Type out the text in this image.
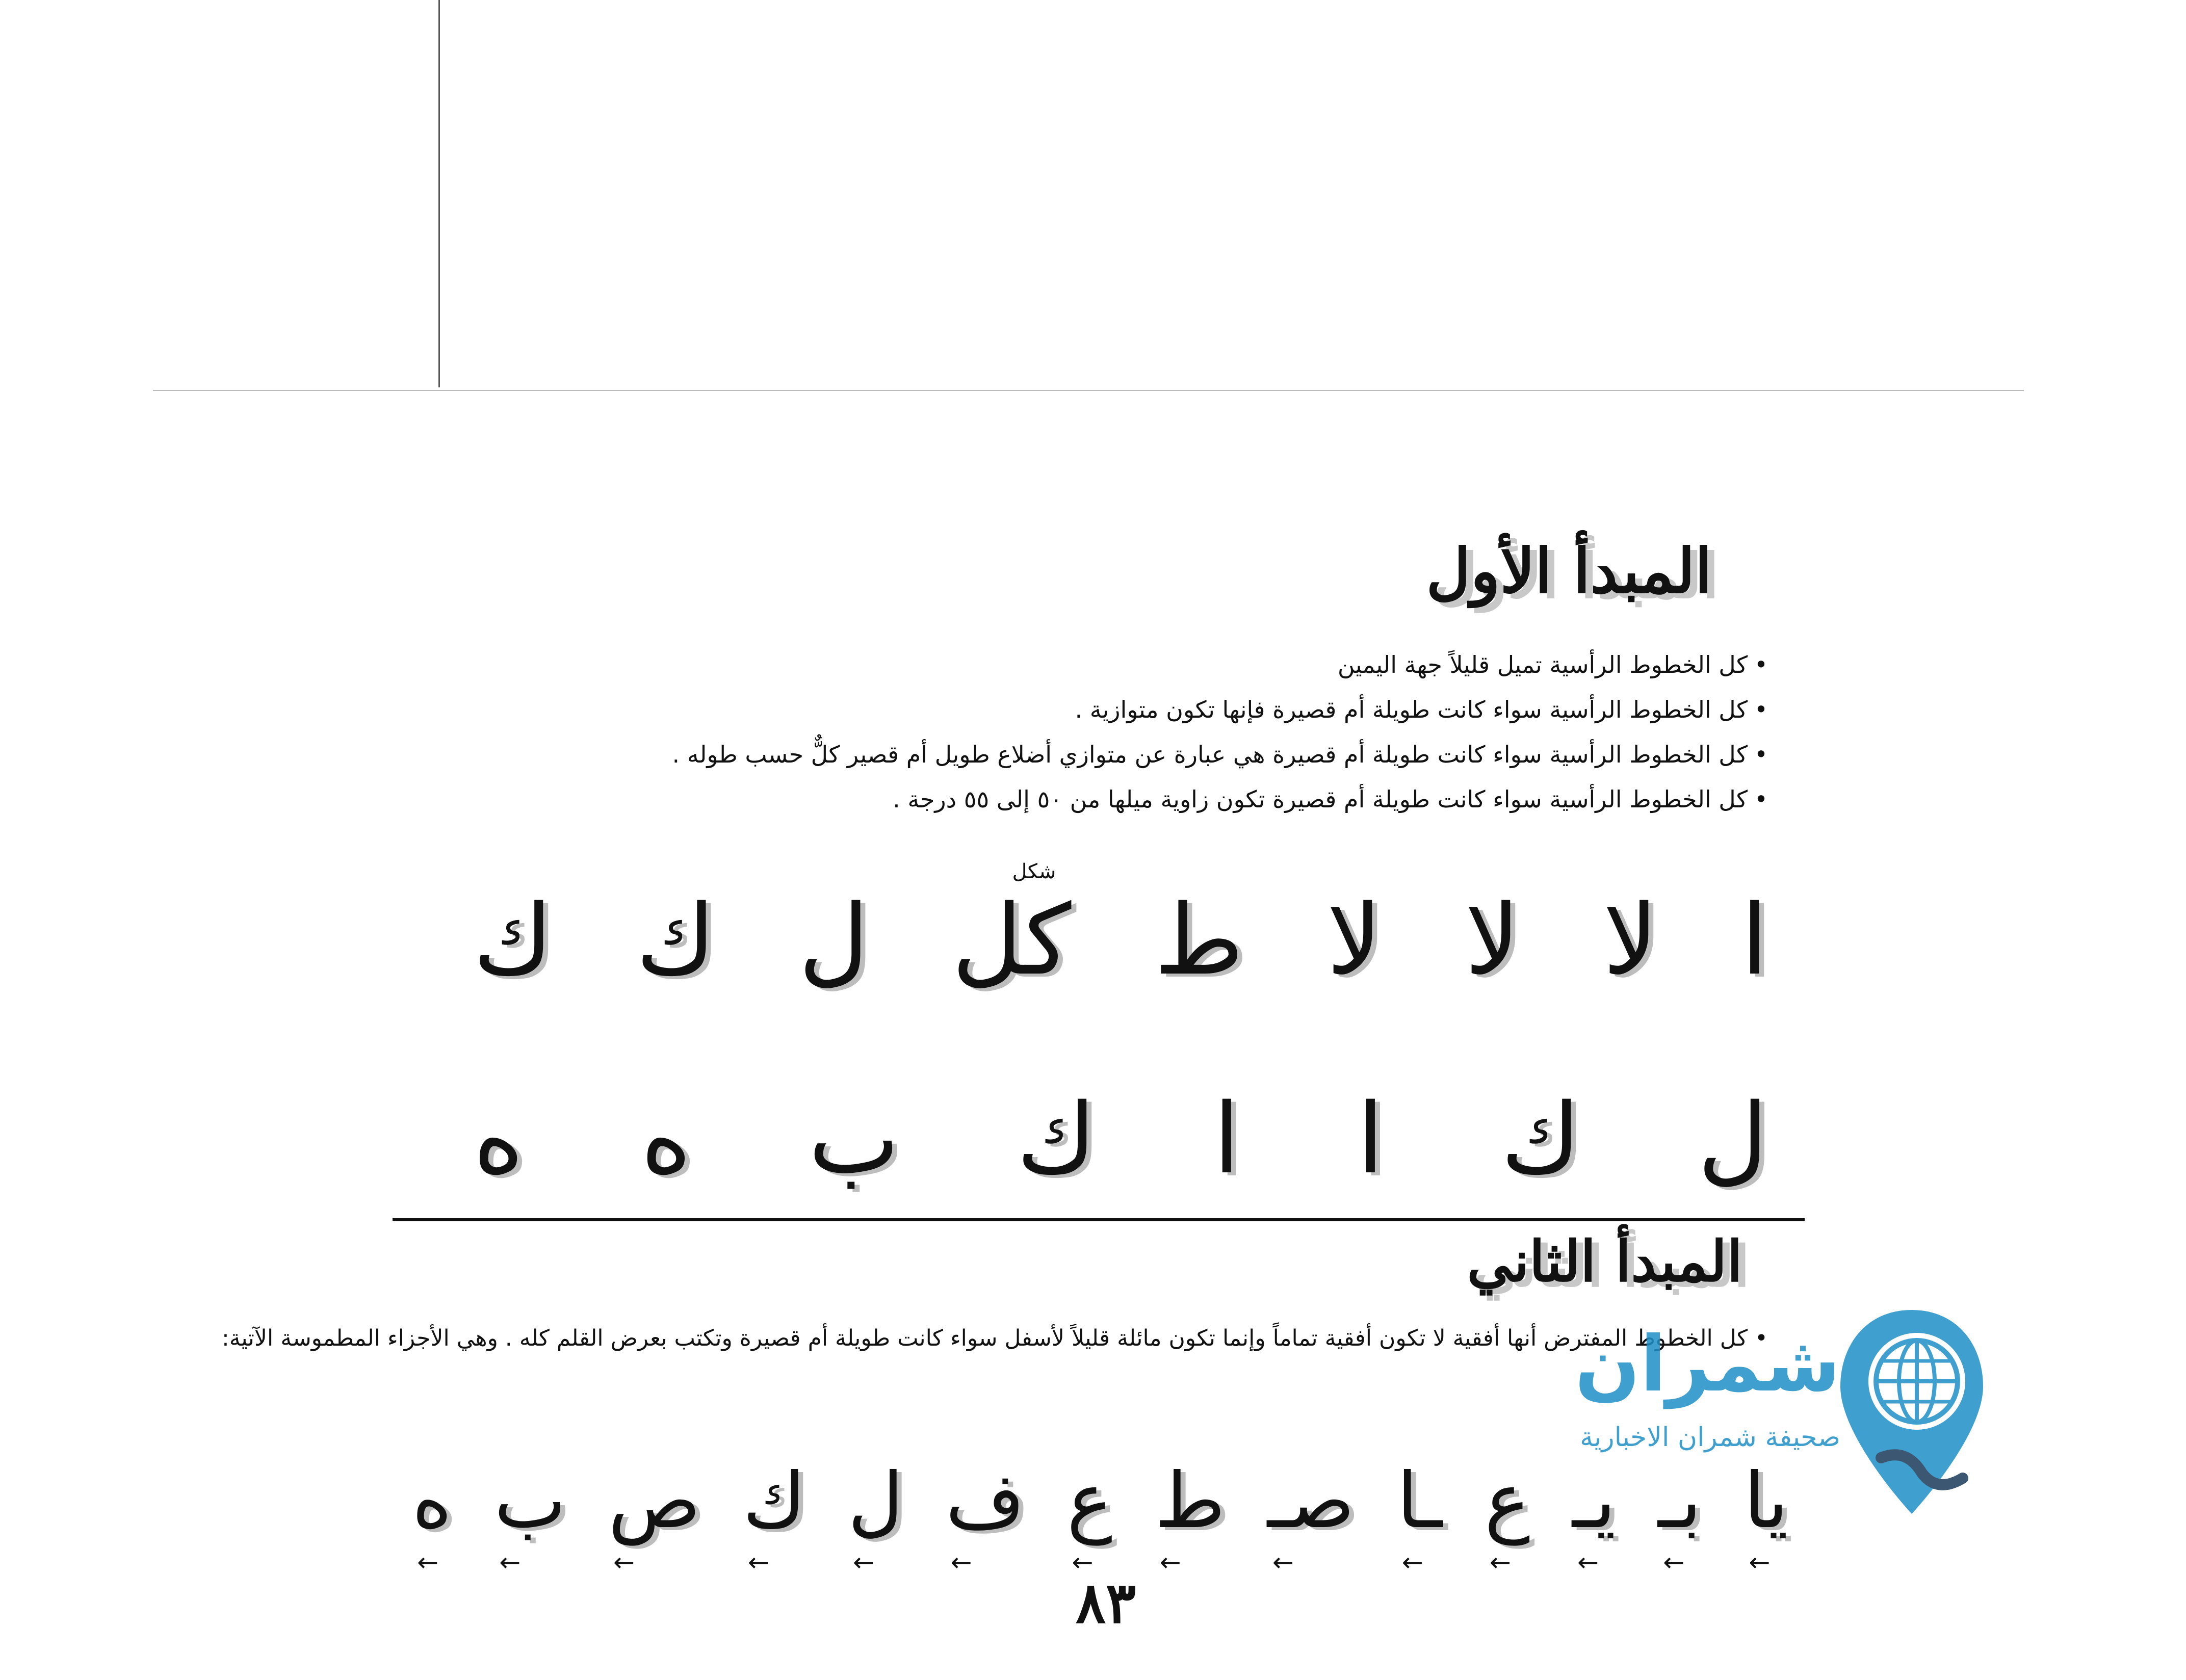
المبدأ الأول
• كل الخطوط الرأسية تميل قليلاً جهة اليمين
• كل الخطوط الرأسية سواء كانت طويلة أم قصيرة فإنها تكون متوازية .
• كل الخطوط الرأسية سواء كانت طويلة أم قصيرة هي عبارة عن متوازي أضلاع طويل أم قصير كلٌّ حسب طوله .
• كل الخطوط الرأسية سواء كانت طويلة أم قصيرة تكون زاوية ميلها من ٥٠ إلى ٥٥ درجة .
ا
لا
لا
لا
ط
شكل
كل
ل
ك
ك
ل
ك
ا
ا
ك
ب
ه
ه
المبدأ الثاني
• كل الخطوط المفترض أنها أفقية لا تكون أفقية تماماً وإنما تكون مائلة قليلاً لأسفل سواء كانت طويلة أم قصيرة وتكتب بعرض القلم كله . وهي الأجزاء المطموسة الآتية:
يا
←
بـ
←
يـ
←
ع
←
ـا
←
صـ
←
ط
←
ع
←
ف
←
ل
←
ك
←
ص
←
ب
←
ه
←
شمران
صحيفة شمران الاخبارية
٨٣
